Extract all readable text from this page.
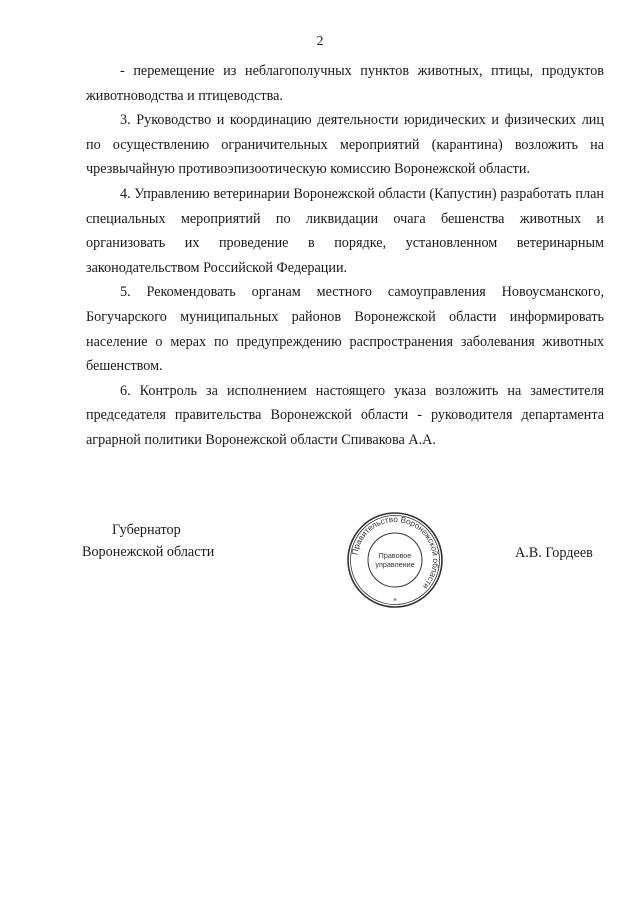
2

- перемещение из неблагополучных пунктов животных, птицы, продуктов животноводства и птицеводства.

3. Руководство и координацию деятельности юридических и физических лиц по осуществлению ограничительных мероприятий (карантина) возложить на чрезвычайную противоэпизоотическую комиссию Воронежской области.

4. Управлению ветеринарии Воронежской области (Капустин) разработать план специальных мероприятий по ликвидации очага бешенства животных и организовать их проведение в порядке, установленном ветеринарным законодательством Российской Федерации.

5. Рекомендовать органам местного самоуправления Новоусманского, Богучарского муниципальных районов Воронежской области информировать население о мерах по предупреждению распространения заболевания животных бешенством.

6. Контроль за исполнением настоящего указа возложить на заместителя председателя правительства Воронежской области - руководителя департамента аграрной политики Воронежской области Спивакова А.А.

Губернатор
Воронежской области	А.В. Гордеев
Правительство Воронежской области
Правовое
управление
*
